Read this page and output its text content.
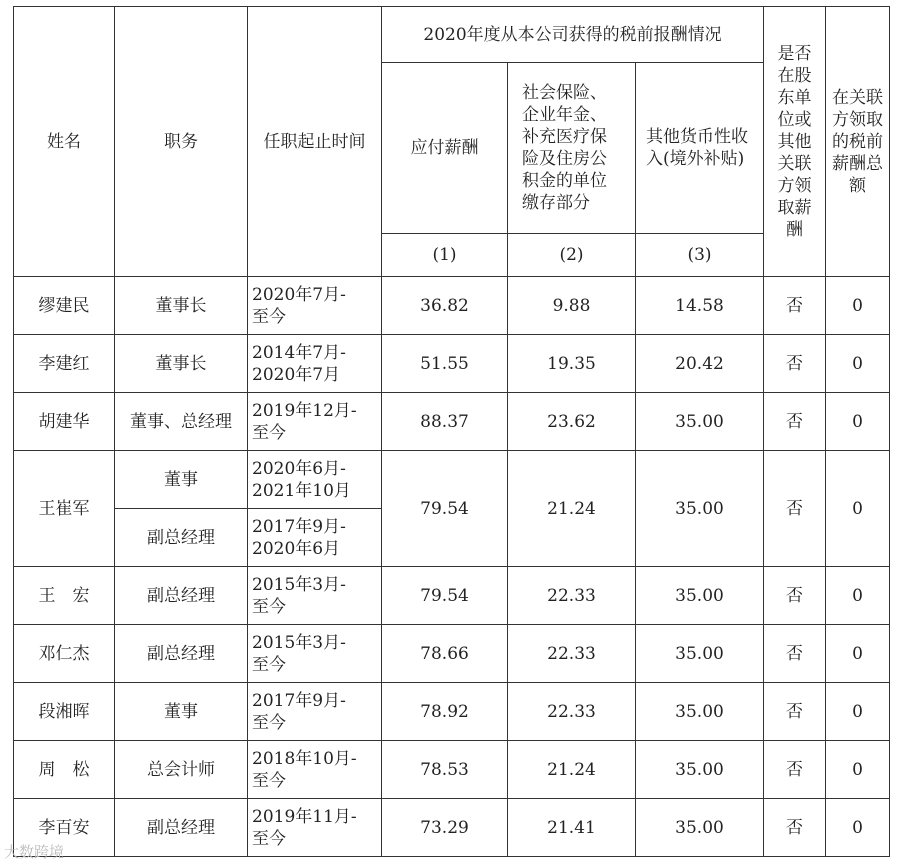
姓名	职务	任职起止时间	2020年度从本公司获得的税前报酬情况			是否在股东单位或其他关联方领取薪酬	在关联方领取的税前薪酬总额
			应付薪酬	社会保险、企业年金、补充医疗保险及住房公积金的单位缴存部分	其他货币性收入(境外补贴)		
			(1)	(2)	(3)		
缪建民	董事长	2020年7月-
至今	36.82	9.88	14.58	否	0
李建红	董事长	2014年7月-
2020年7月	51.55	19.35	20.42	否	0
胡建华	董事、总经理	2019年12月-
至今	88.37	23.62	35.00	否	0
王崔军	董事	2020年6月-
2021年10月	79.54	21.24	35.00	否	0
	副总经理	2017年9月-
2020年6月					
王　宏	副总经理	2015年3月-
至今	79.54	22.33	35.00	否	0
邓仁杰	副总经理	2015年3月-
至今	78.66	22.33	35.00	否	0
段湘晖	董事	2017年9月-
至今	78.92	22.33	35.00	否	0
周　松	总会计师	2018年10月-
至今	78.53	21.24	35.00	否	0
李百安	副总经理	2019年11月-
至今	73.29	21.41	35.00	否	0
大数跨境
